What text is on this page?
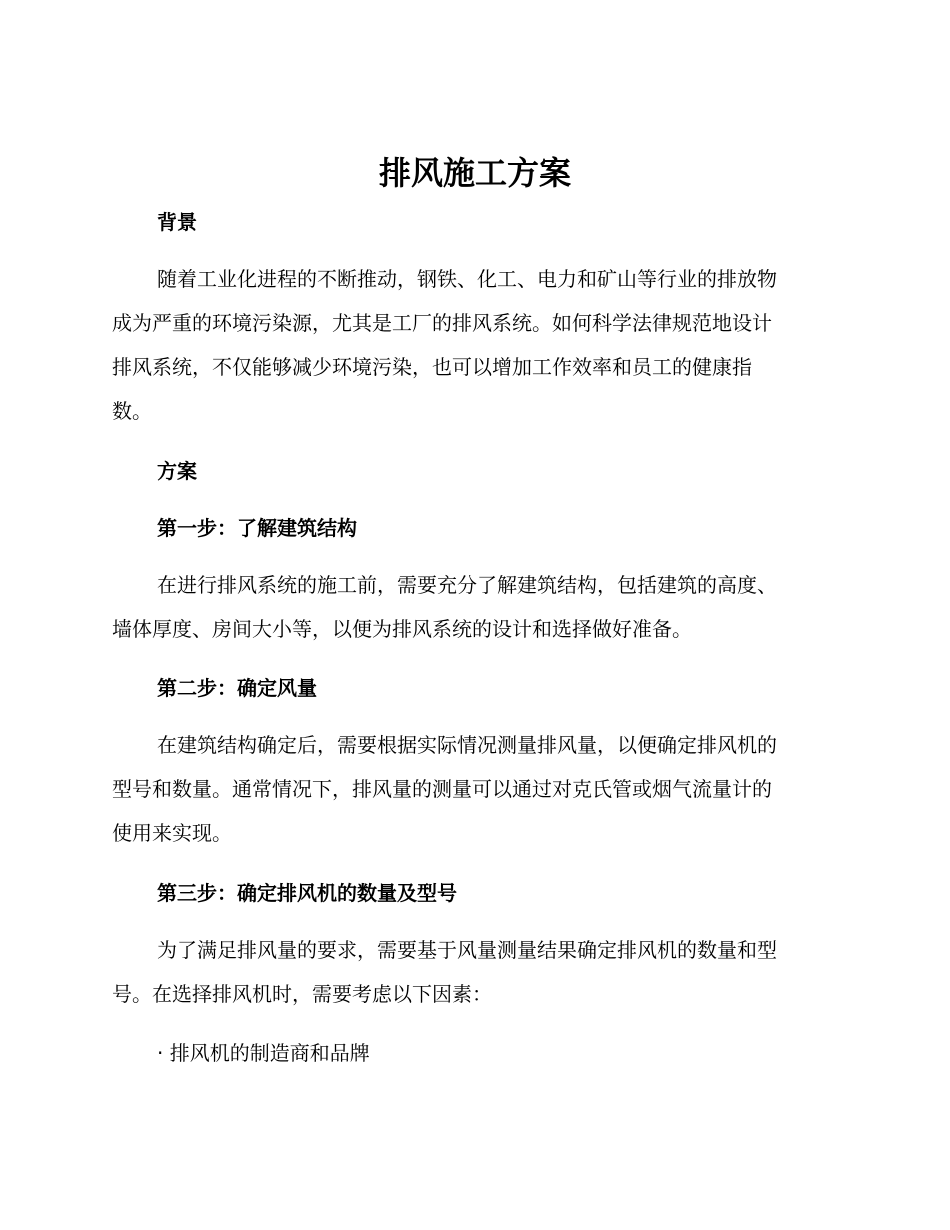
排风施工方案
背景
随着工业化进程的不断推动，钢铁、化工、电力和矿山等行业的排放物
成为严重的环境污染源，尤其是工厂的排风系统。如何科学法律规范地设计
排风系统，不仅能够减少环境污染，也可以增加工作效率和员工的健康指
数。
方案
第一步：了解建筑结构
在进行排风系统的施工前，需要充分了解建筑结构，包括建筑的高度、
墙体厚度、房间大小等，以便为排风系统的设计和选择做好准备。
第二步：确定风量
在建筑结构确定后，需要根据实际情况测量排风量，以便确定排风机的
型号和数量。通常情况下，排风量的测量可以通过对克氏管或烟气流量计的
使用来实现。
第三步：确定排风机的数量及型号
为了满足排风量的要求，需要基于风量测量结果确定排风机的数量和型
号。在选择排风机时，需要考虑以下因素：
· 排风机的制造商和品牌
